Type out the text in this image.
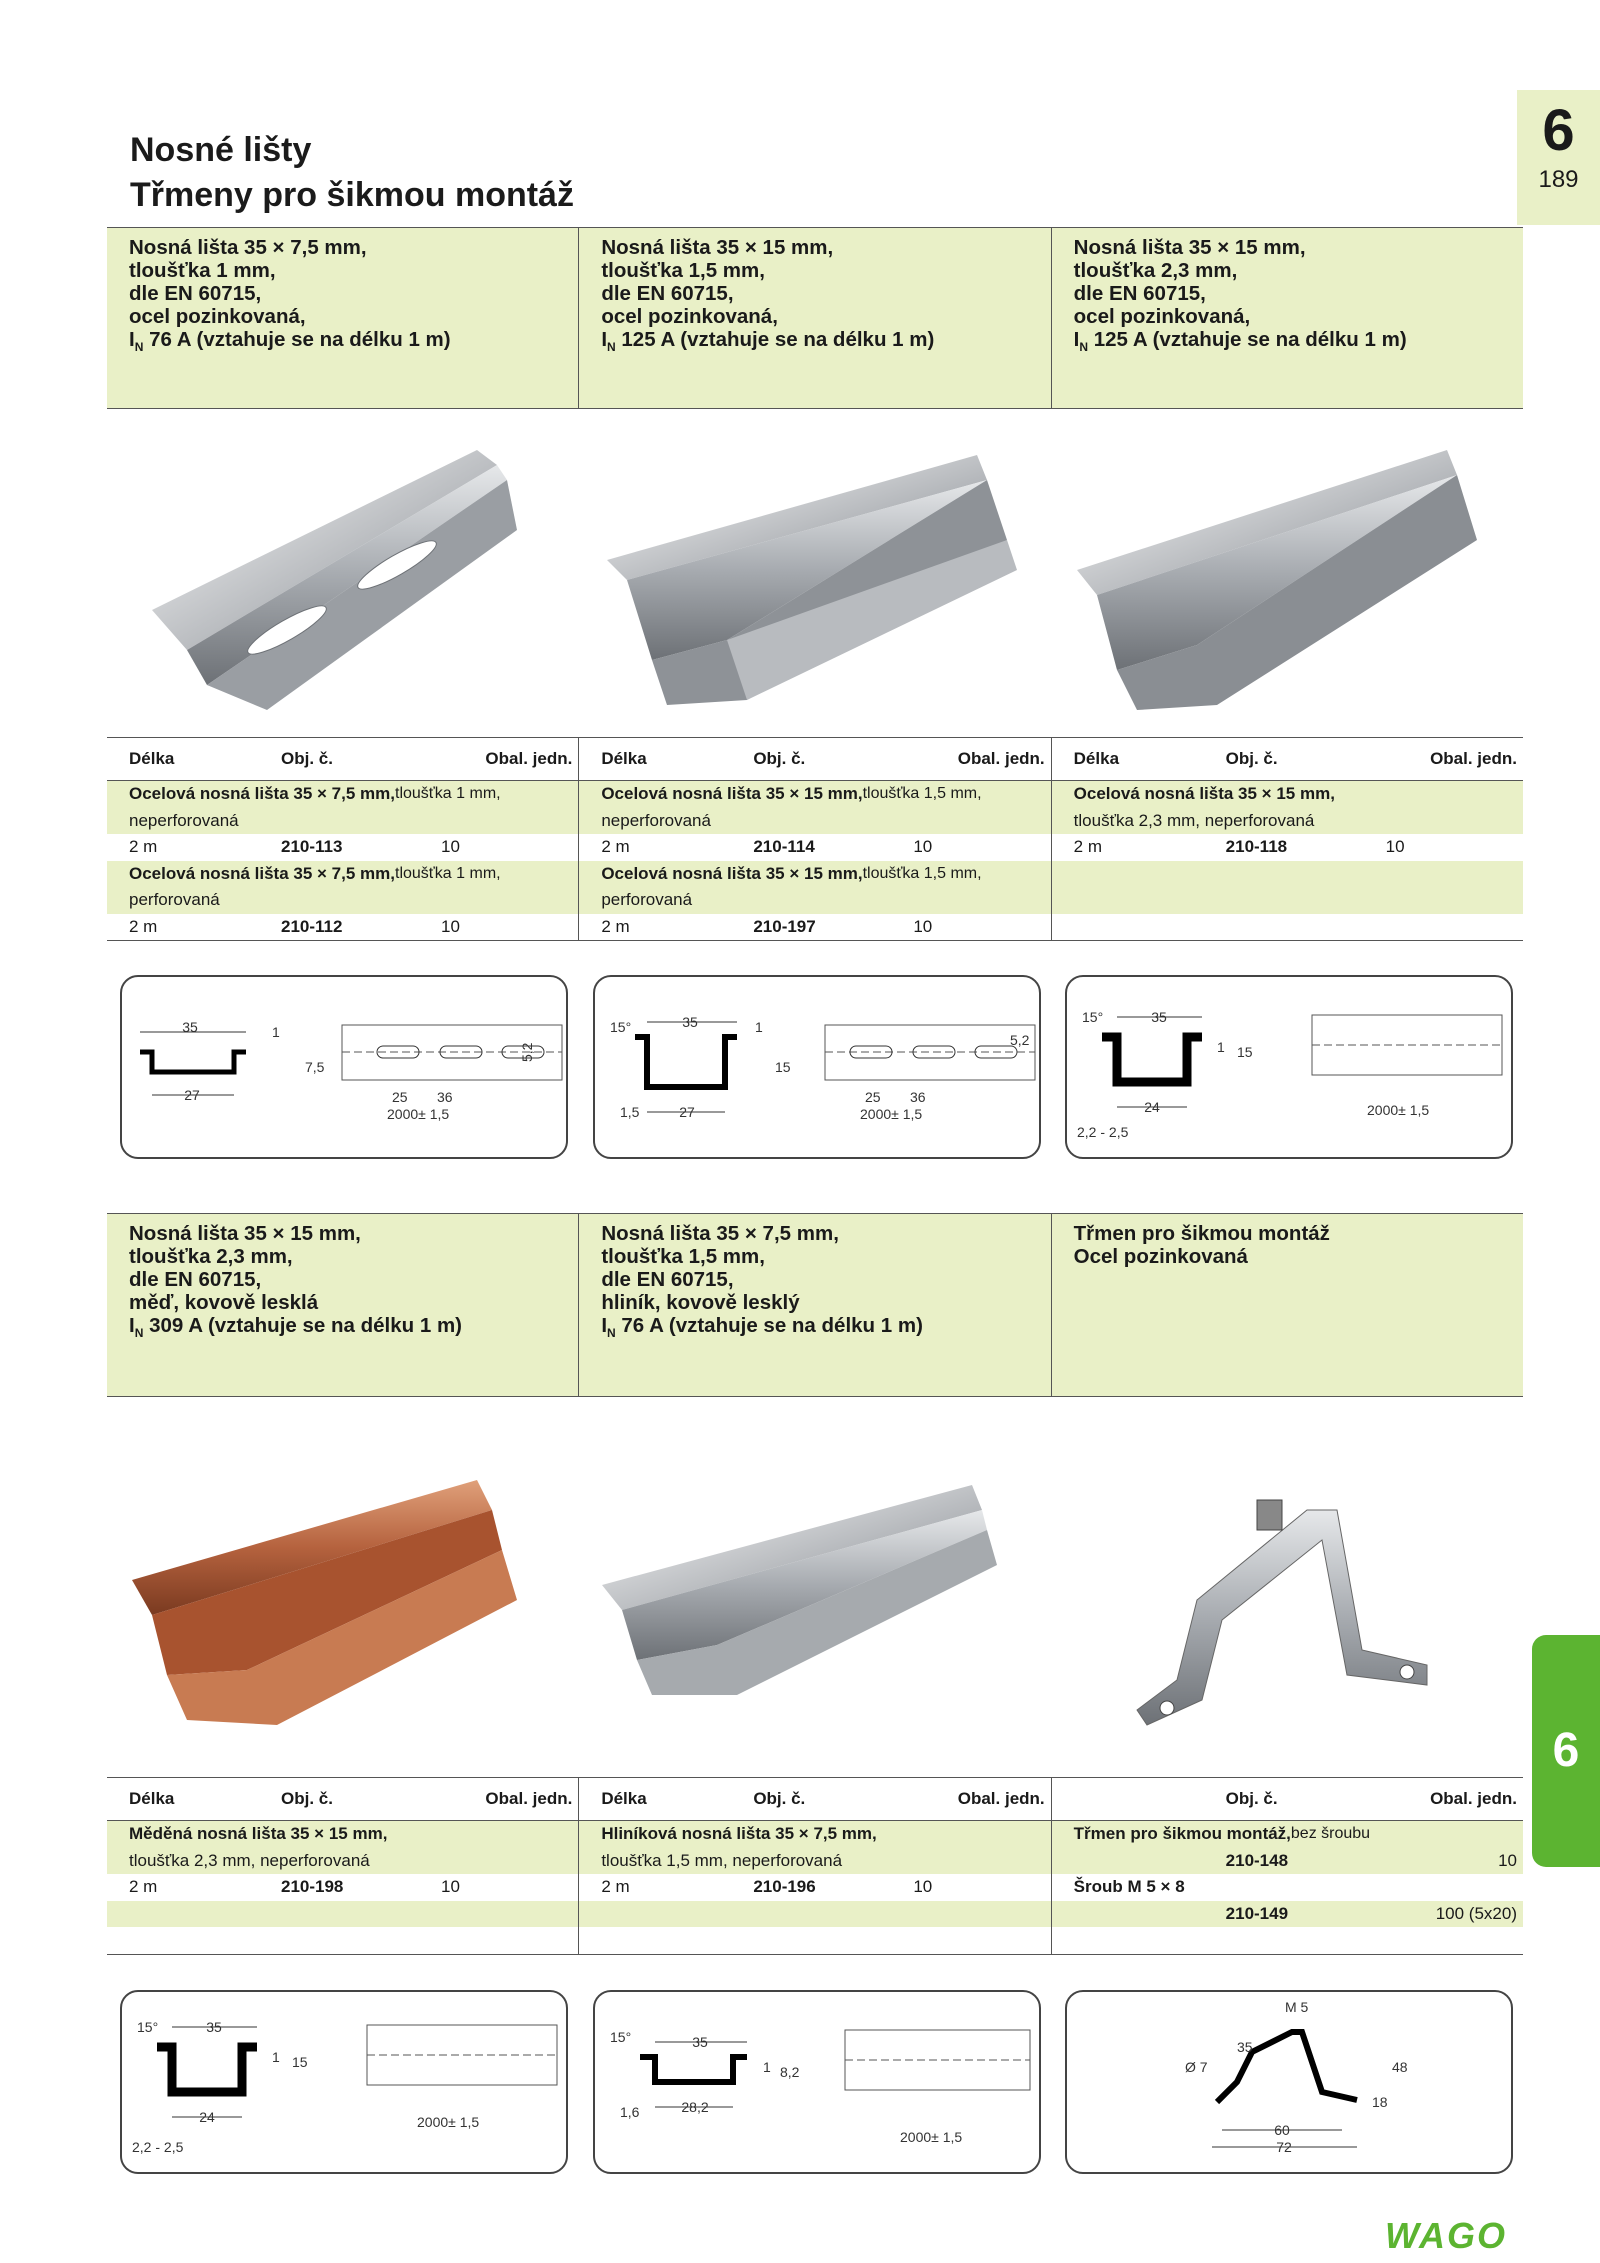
Nosné lišty
Třmeny pro šikmou montáž
6
189
6
Nosná lišta 35 × 7,5 mm,
tloušťka 1 mm,
dle EN 60715,
ocel pozinkovaná,
$I_N$ 76 A (vztahuje se na délku 1 m)
Nosná lišta 35 × 15 mm,
tloušťka 1,5 mm,
dle EN 60715,
ocel pozinkovaná,
$I_N$ 125 A (vztahuje se na délku 1 m)
Nosná lišta 35 × 15 mm,
tloušťka 2,3 mm,
dle EN 60715,
ocel pozinkovaná,
$I_N$ 125 A (vztahuje se na délku 1 m)
Délka	Obj. č.	Obal. jedn.
Ocelová nosná lišta 35 × 7,5 mm, tloušťka 1 mm,
neperforovaná
2 m	210-113	10
Ocelová nosná lišta 35 × 7,5 mm, tloušťka 1 mm,
perforovaná
2 m	210-112	10
Délka	Obj. č.	Obal. jedn.
Ocelová nosná lišta 35 × 15 mm, tloušťka 1,5 mm,
neperforovaná
2 m	210-114	10
Ocelová nosná lišta 35 × 15 mm, tloušťka 1,5 mm,
perforovaná
2 m	210-197	10
Délka	Obj. č.	Obal. jedn.
Ocelová nosná lišta 35 × 15 mm,
tloušťka 2,3 mm, neperforovaná
2 m	210-118	10
35
27
1
7,5
5,2
25 36
2000± 1,5
15°	35	1
15
27
1,5
5,2
25 36
2000± 1,5
15°	35
1 15
24
2,2 - 2,5
2000± 1,5
Nosná lišta 35 × 15 mm,
tloušťka 2,3 mm,
dle EN 60715,
měď, kovově lesklá
$I_N$ 309 A (vztahuje se na délku 1 m)
Nosná lišta 35 × 7,5 mm,
tloušťka 1,5 mm,
dle EN 60715,
hliník, kovově lesklý
$I_N$ 76 A (vztahuje se na délku 1 m)
Třmen pro šikmou montáž
Ocel pozinkovaná
Délka	Obj. č.	Obal. jedn.
Měděná nosná lišta 35 × 15 mm,
tloušťka 2,3 mm, neperforovaná
2 m	210-198	10
Délka	Obj. č.	Obal. jedn.
Hliníková nosná lišta 35 × 7,5 mm,
tloušťka 1,5 mm, neperforovaná
2 m	210-196	10
Obj. č.	Obal. jedn.
Třmen pro šikmou montáž, bez šroubu
210-148	10
Šroub M 5 × 8
210-149	100 (5x20)
15°	35
1 15
24
2,2 - 2,5
2000± 1,5
15°	35
1 8,2
28,2
1,6
2000± 1,5
M 5
Ø 7
35
48
18
60
72
WAGO
